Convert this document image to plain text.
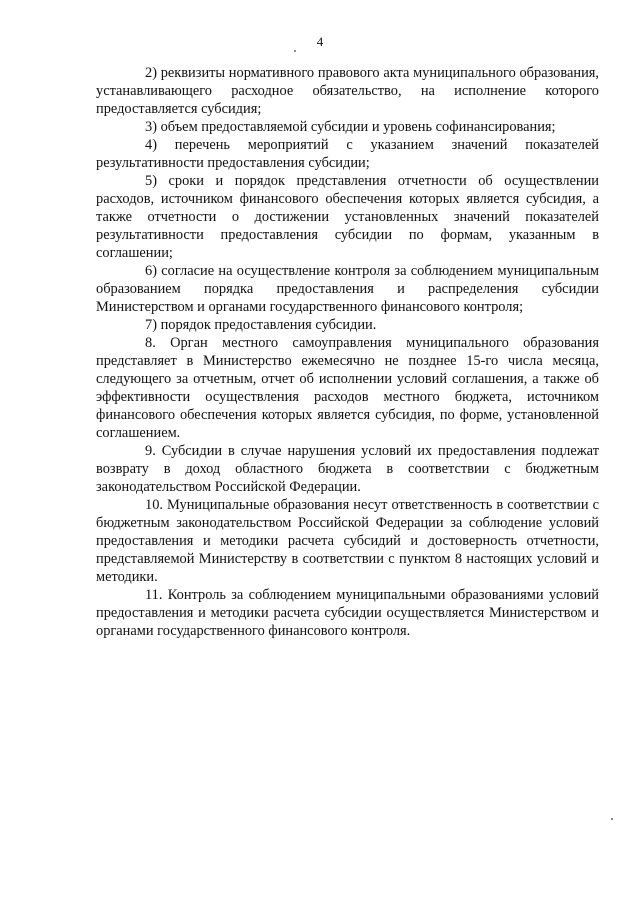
4

2) реквизиты нормативного правового акта муниципального образования, устанавливающего расходное обязательство, на исполнение которого предоставляется субсидия;

3) объем предоставляемой субсидии и уровень софинансирования;

4) перечень мероприятий с указанием значений показателей результативности предоставления субсидии;

5) сроки и порядок представления отчетности об осуществлении расходов, источником финансового обеспечения которых является субсидия, а также отчетности о достижении установленных значений показателей результативности предоставления субсидии по формам, указанным в соглашении;

6) согласие на осуществление контроля за соблюдением муниципальным образованием порядка предоставления и распределения субсидии Министерством и органами государственного финансового контроля;

7) порядок предоставления субсидии.

8. Орган местного самоуправления муниципального образования представляет в Министерство ежемесячно не позднее 15-го числа месяца, следующего за отчетным, отчет об исполнении условий соглашения, а также об эффективности осуществления расходов местного бюджета, источником финансового обеспечения которых является субсидия, по форме, установленной соглашением.

9. Субсидии в случае нарушения условий их предоставления подлежат возврату в доход областного бюджета в соответствии с бюджетным законодательством Российской Федерации.

10. Муниципальные образования несут ответственность в соответствии с бюджетным законодательством Российской Федерации за соблюдение условий предоставления и методики расчета субсидий и достоверность отчетности, представляемой Министерству в соответствии с пунктом 8 настоящих условий и методики.

11. Контроль за соблюдением муниципальными образованиями условий предоставления и методики расчета субсидии осуществляется Министерством и органами государственного финансового контроля.
